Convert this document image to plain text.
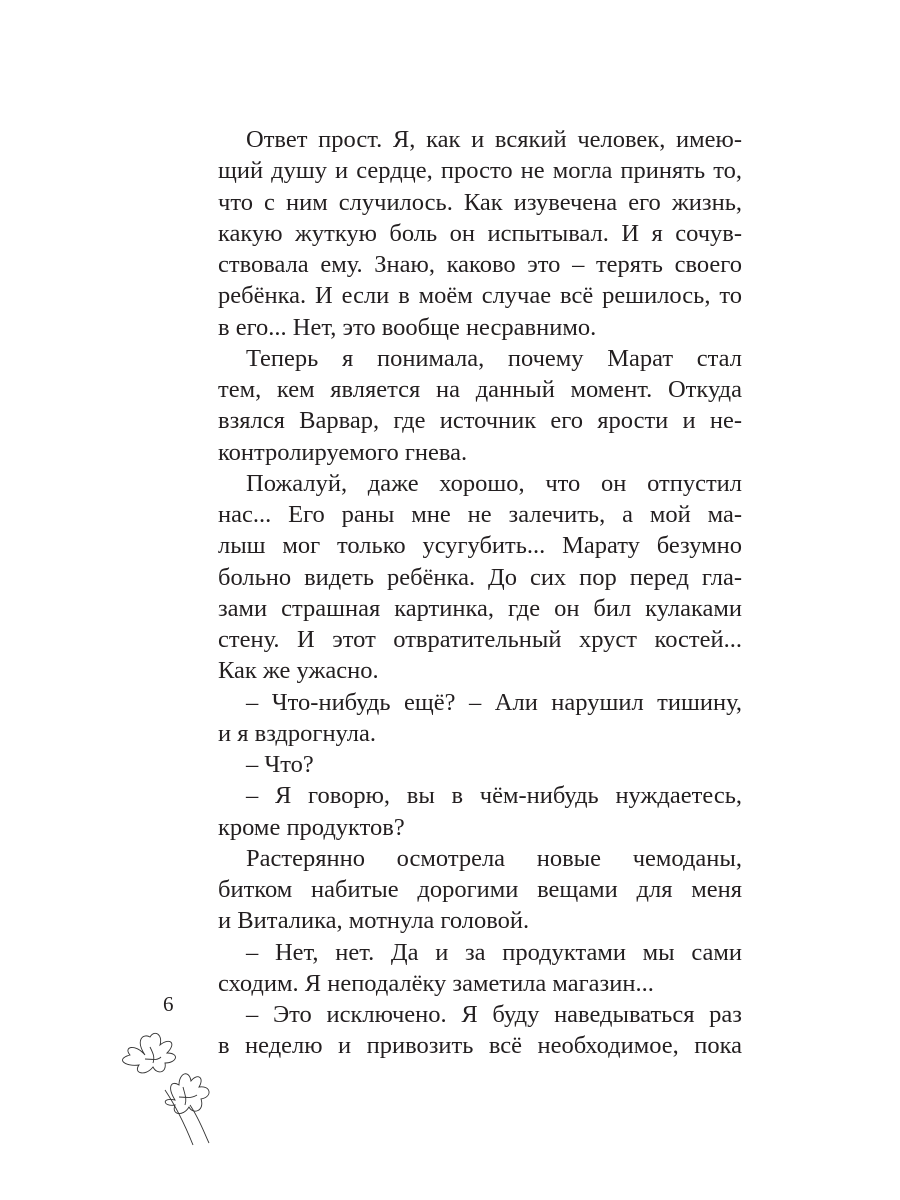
Ответ прост. Я, как и всякий человек, имею-
щий душу и сердце, просто не могла принять то,
что с ним случилось. Как изувечена его жизнь,
какую жуткую боль он испытывал. И я сочув-
ствовала ему. Знаю, каково это – терять своего
ребёнка. И если в моём случае всё решилось, то
в его... Нет, это вообще несравнимо.
Теперь я понимала, почему Марат стал
тем, кем является на данный момент. Откуда
взялся Варвар, где источник его ярости и не-
контролируемого гнева.
Пожалуй, даже хорошо, что он отпустил
нас... Его раны мне не залечить, а мой ма-
лыш мог только усугубить... Марату безумно
больно видеть ребёнка. До сих пор перед гла-
зами страшная картинка, где он бил кулаками
стену. И этот отвратительный хруст костей...
Как же ужасно.
– Что-нибудь ещё? – Али нарушил тишину,
и я вздрогнула.
– Что?
– Я говорю, вы в чём-нибудь нуждаетесь,
кроме продуктов?
Растерянно осмотрела новые чемоданы,
битком набитые дорогими вещами для меня
и Виталика, мотнула головой.
– Нет, нет. Да и за продуктами мы сами
сходим. Я неподалёку заметила магазин...
– Это исключено. Я буду наведываться раз
в неделю и привозить всё необходимое, пока
6
